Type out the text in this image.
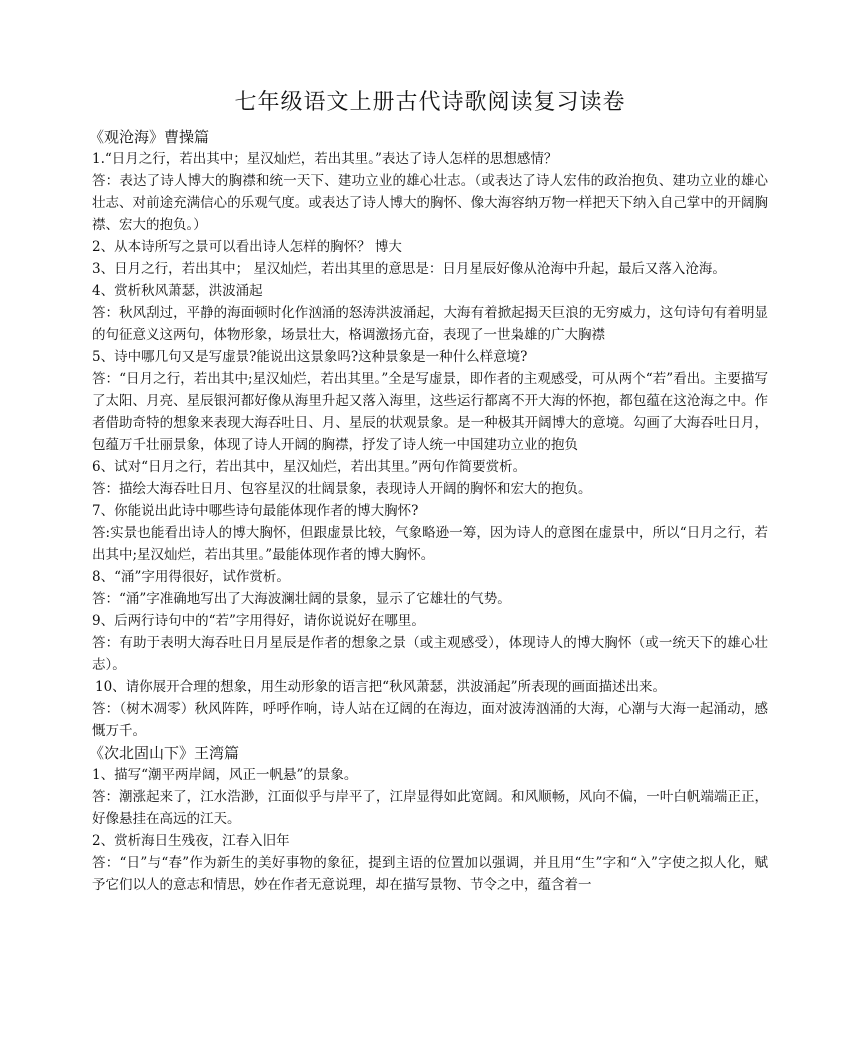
七年级语文上册古代诗歌阅读复习读卷

《观沧海》曹操篇

1.“日月之行，若出其中；星汉灿烂，若出其里。”表达了诗人怎样的思想感情？

答：表达了诗人博大的胸襟和统一天下、建功立业的雄心壮志。（或表达了诗人宏伟的政治抱负、建功立业的雄心壮志、对前途充满信心的乐观气度。或表达了诗人博大的胸怀、像大海容纳万物一样把天下纳入自己掌中的开阔胸襟、宏大的抱负。）

2、从本诗所写之景可以看出诗人怎样的胸怀？ 博大

3、日月之行，若出其中； 星汉灿烂，若出其里的意思是：日月星辰好像从沧海中升起，最后又落入沧海。

4、赏析秋风萧瑟，洪波涌起

答：秋风刮过，平静的海面顿时化作汹涌的怒涛洪波涌起，大海有着掀起揭天巨浪的无穷威力，这句诗句有着明显的句征意义这两句，体物形象，场景壮大，格调激扬亢奋，表现了一世枭雄的广大胸襟

5、诗中哪几句又是写虚景?能说出这景象吗?这种景象是一种什么样意境?

答：“日月之行，若出其中;星汉灿烂，若出其里。”全是写虚景，即作者的主观感受，可从两个“若”看出。主要描写了太阳、月亮、星辰银河都好像从海里升起又落入海里，这些运行都离不开大海的怀抱，都包蕴在这沧海之中。作者借助奇特的想象来表现大海吞吐日、月、星辰的状观景象。是一种极其开阔博大的意境。勾画了大海吞吐日月，包蕴万千壮丽景象，体现了诗人开阔的胸襟，抒发了诗人统一中国建功立业的抱负

6、试对“日月之行，若出其中，星汉灿烂，若出其里。”两句作简要赏析。

答：描绘大海吞吐日月、包容星汉的壮阔景象，表现诗人开阔的胸怀和宏大的抱负。

7、你能说出此诗中哪些诗句最能体现作者的博大胸怀?

答:实景也能看出诗人的博大胸怀，但跟虚景比较，气象略逊一筹，因为诗人的意图在虚景中，所以“日月之行，若出其中;星汉灿烂，若出其里。”最能体现作者的博大胸怀。

8、“涌”字用得很好，试作赏析。

答：“涌”字准确地写出了大海波澜壮阔的景象，显示了它雄壮的气势。

9、后两行诗句中的“若”字用得好，请你说说好在哪里。

答：有助于表明大海吞吐日月星辰是作者的想象之景（或主观感受），体现诗人的博大胸怀（或一统天下的雄心壮志）。

10、请你展开合理的想象，用生动形象的语言把“秋风萧瑟，洪波涌起”所表现的画面描述出来。

答：（树木凋零）秋风阵阵，呼呼作响，诗人站在辽阔的在海边，面对波涛汹涌的大海，心潮与大海一起涌动，感慨万千。

《次北固山下》王湾篇

1、描写“潮平两岸阔，风正一帆悬”的景象。

答：潮涨起来了，江水浩渺，江面似乎与岸平了，江岸显得如此宽阔。和风顺畅，风向不偏，一叶白帆端端正正，好像悬挂在高远的江天。

2、赏析海日生残夜，江春入旧年

答：“日”与“春”作为新生的美好事物的象征，提到主语的位置加以强调，并且用“生”字和“入”字使之拟人化，赋予它们以人的意志和情思，妙在作者无意说理，却在描写景物、节令之中，蕴含着一
